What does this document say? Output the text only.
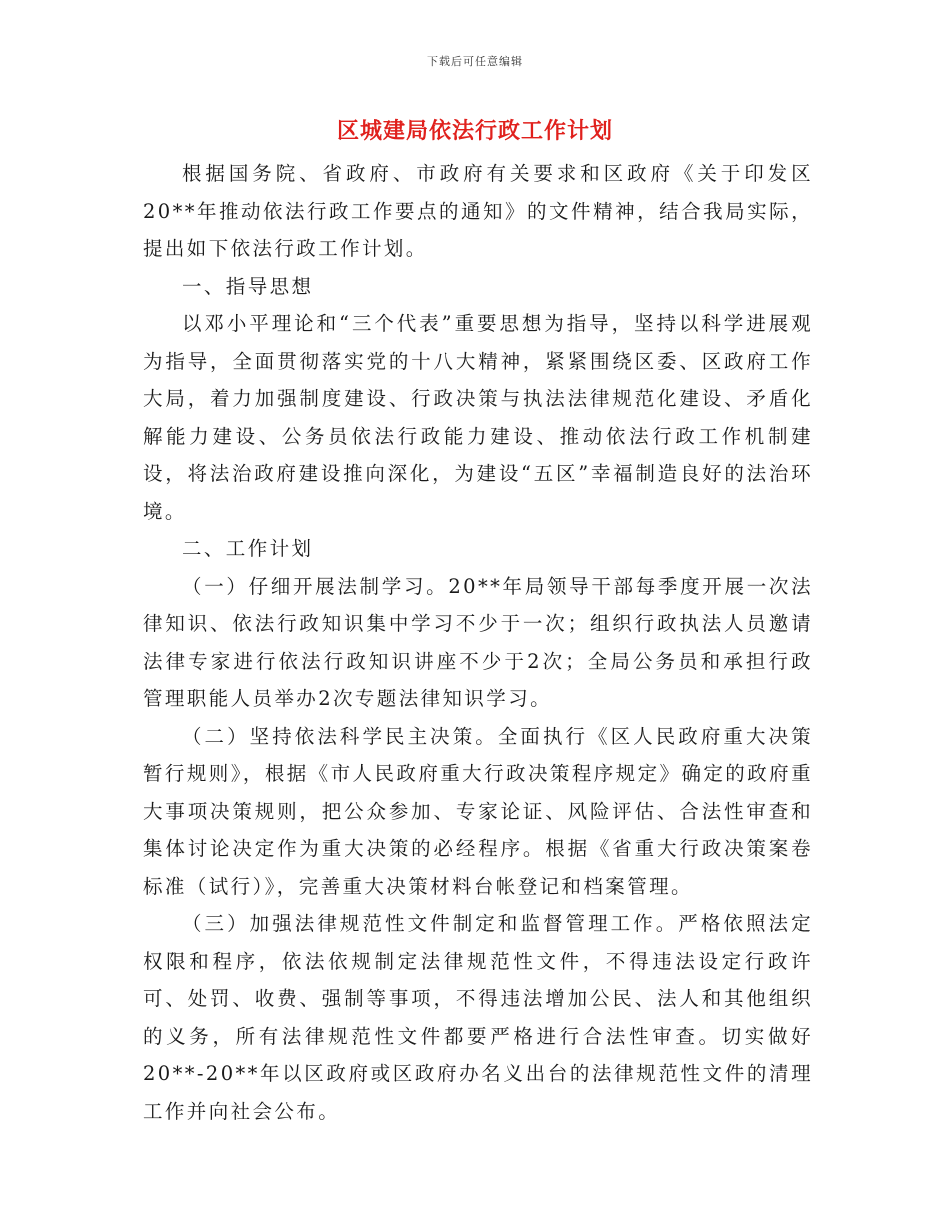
下载后可任意编辑
区城建局依法行政工作计划

根据国务院、省政府、市政府有关要求和区政府《关于印发区20**年推动依法行政工作要点的通知》的文件精神，结合我局实际，提出如下依法行政工作计划。

一、指导思想

以邓小平理论和“三个代表”重要思想为指导，坚持以科学进展观为指导，全面贯彻落实党的十八大精神，紧紧围绕区委、区政府工作大局，着力加强制度建设、行政决策与执法法律规范化建设、矛盾化解能力建设、公务员依法行政能力建设、推动依法行政工作机制建设，将法治政府建设推向深化，为建设“五区”幸福制造良好的法治环境。

二、工作计划

（一）仔细开展法制学习。20**年局领导干部每季度开展一次法律知识、依法行政知识集中学习不少于一次；组织行政执法人员邀请法律专家进行依法行政知识讲座不少于2次；全局公务员和承担行政管理职能人员举办2次专题法律知识学习。

（二）坚持依法科学民主决策。全面执行《区人民政府重大决策暂行规则》，根据《市人民政府重大行政决策程序规定》确定的政府重大事项决策规则，把公众参加、专家论证、风险评估、合法性审查和集体讨论决定作为重大决策的必经程序。根据《省重大行政决策案卷标准（试行）》，完善重大决策材料台帐登记和档案管理。

（三）加强法律规范性文件制定和监督管理工作。严格依照法定权限和程序，依法依规制定法律规范性文件，不得违法设定行政许可、处罚、收费、强制等事项，不得违法增加公民、法人和其他组织的义务，所有法律规范性文件都要严格进行合法性审查。切实做好20**-20**年以区政府或区政府办名义出台的法律规范性文件的清理工作并向社会公布。
